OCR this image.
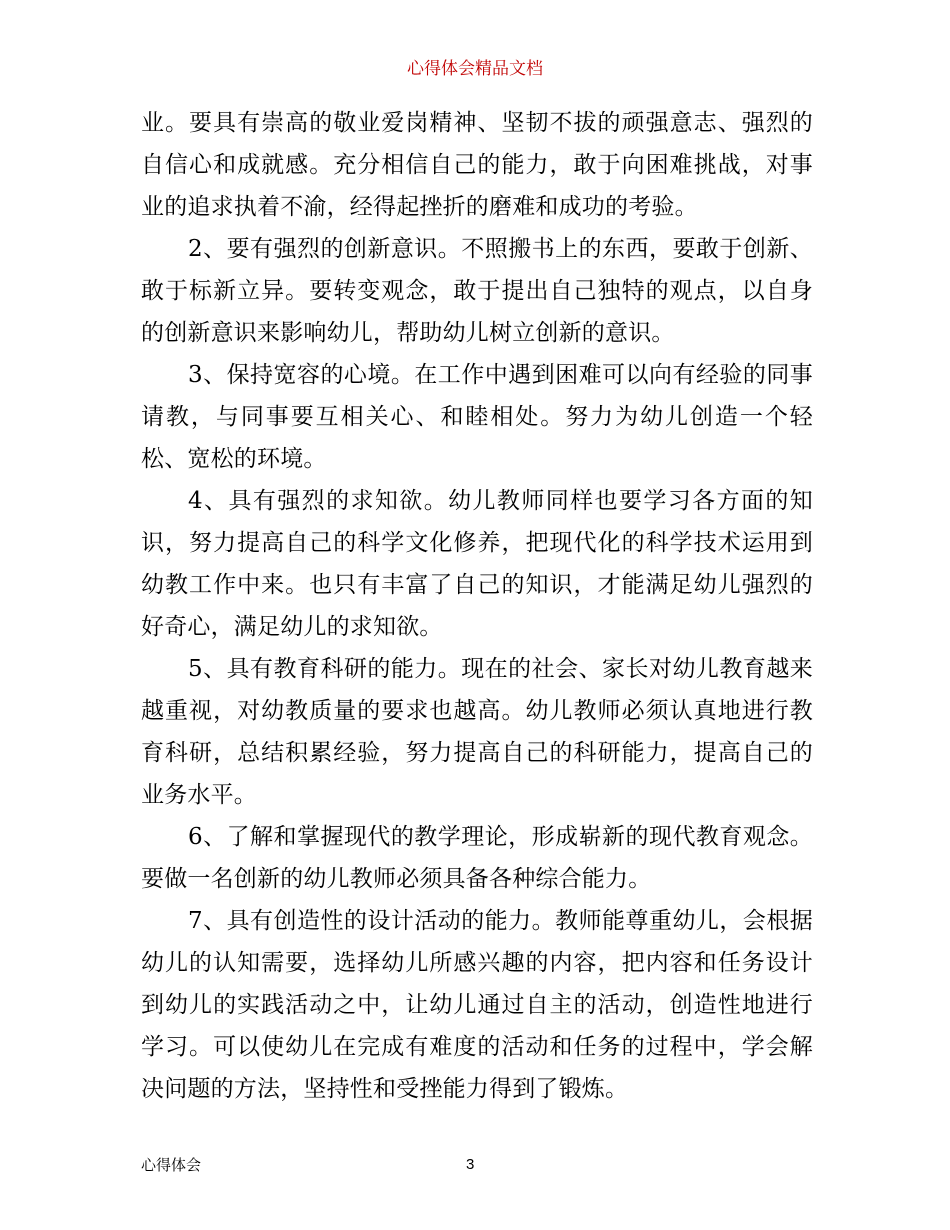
心得体会精品文档

业。要具有崇高的敬业爱岗精神、坚韧不拔的顽强意志、强烈的自信心和成就感。充分相信自己的能力，敢于向困难挑战，对事业的追求执着不渝，经得起挫折的磨难和成功的考验。

2、要有强烈的创新意识。不照搬书上的东西，要敢于创新、敢于标新立异。要转变观念，敢于提出自己独特的观点，以自身的创新意识来影响幼儿，帮助幼儿树立创新的意识。

3、保持宽容的心境。在工作中遇到困难可以向有经验的同事请教，与同事要互相关心、和睦相处。努力为幼儿创造一个轻松、宽松的环境。

4、具有强烈的求知欲。幼儿教师同样也要学习各方面的知识，努力提高自己的科学文化修养，把现代化的科学技术运用到幼教工作中来。也只有丰富了自己的知识，才能满足幼儿强烈的好奇心，满足幼儿的求知欲。

5、具有教育科研的能力。现在的社会、家长对幼儿教育越来越重视，对幼教质量的要求也越高。幼儿教师必须认真地进行教育科研，总结积累经验，努力提高自己的科研能力，提高自己的业务水平。

6、了解和掌握现代的教学理论，形成崭新的现代教育观念。要做一名创新的幼儿教师必须具备各种综合能力。

7、具有创造性的设计活动的能力。教师能尊重幼儿，会根据幼儿的认知需要，选择幼儿所感兴趣的内容，把内容和任务设计到幼儿的实践活动之中，让幼儿通过自主的活动，创造性地进行学习。可以使幼儿在完成有难度的活动和任务的过程中，学会解决问题的方法，坚持性和受挫能力得到了锻炼。

心得体会	3
